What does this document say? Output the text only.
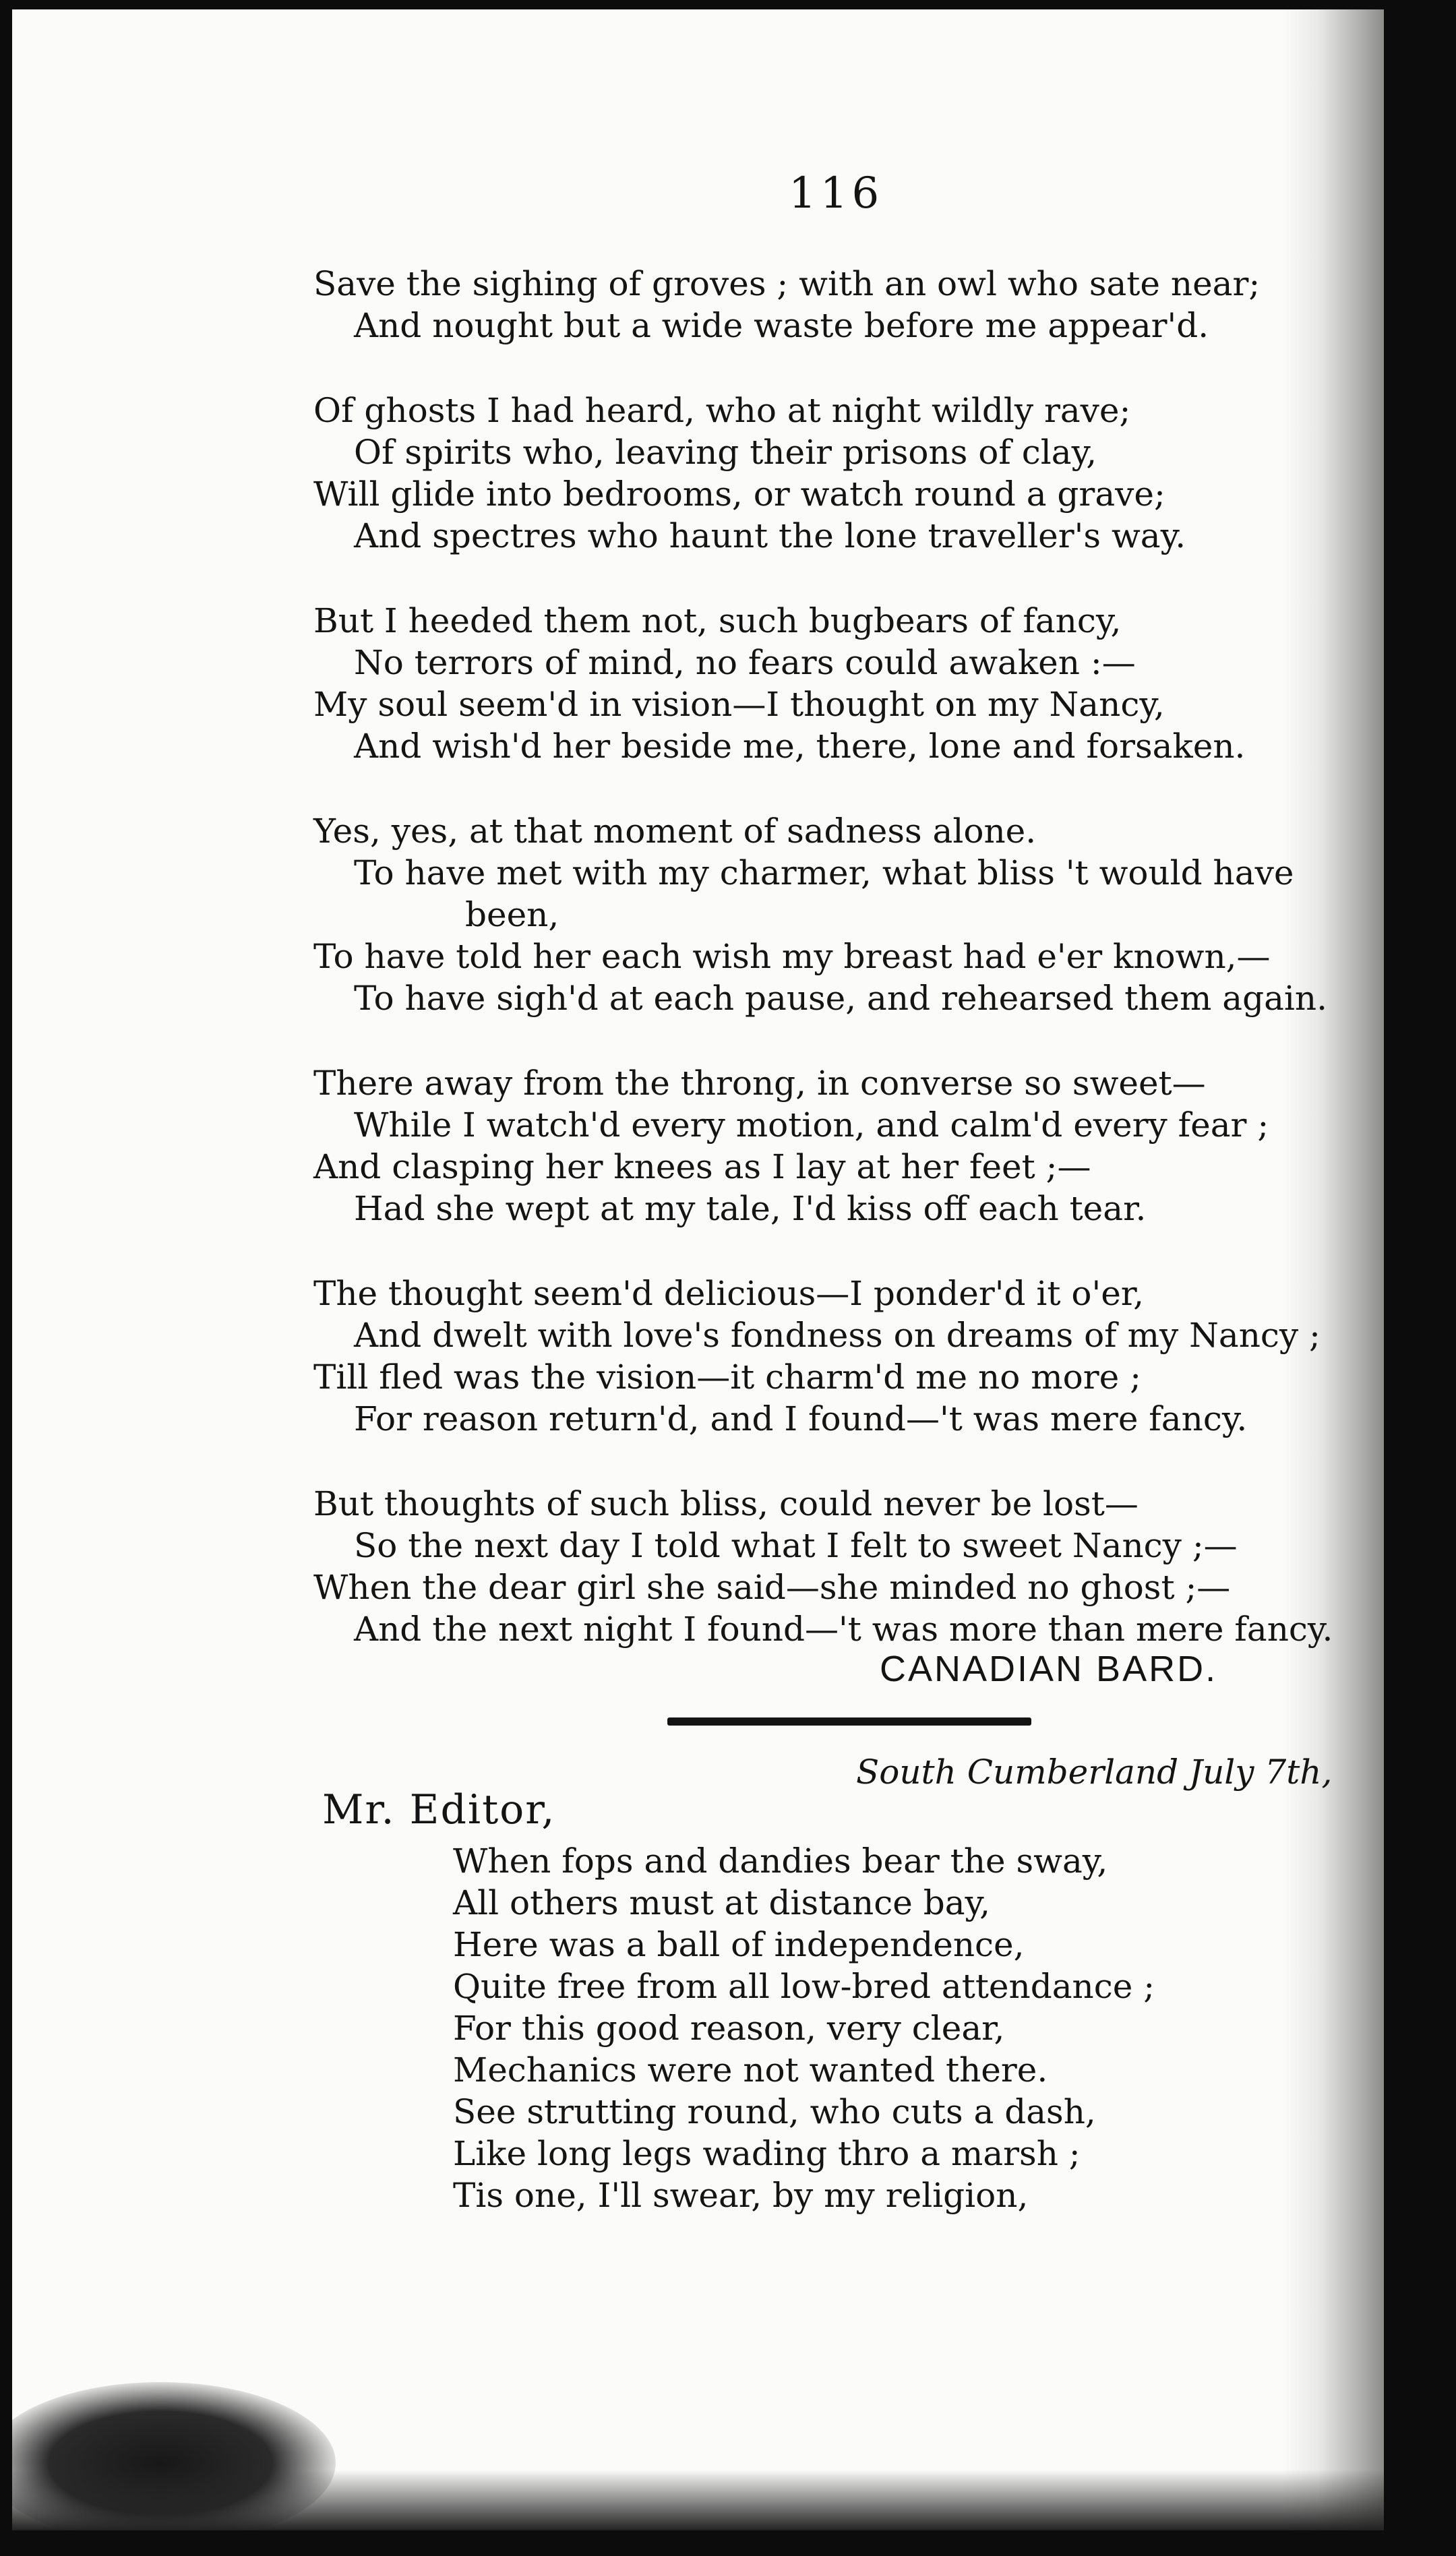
116
Save the sighing of groves ; with an owl who sate near;
And nought but a wide waste before me appear'd.
Of ghosts I had heard, who at night wildly rave;
Of spirits who, leaving their prisons of clay,
Will glide into bedrooms, or watch round a grave;
And spectres who haunt the lone traveller's way.
But I heeded them not, such bugbears of fancy,
No terrors of mind, no fears could awaken :—
My soul seem'd in vision—I thought on my Nancy,
And wish'd her beside me, there, lone and forsaken.
Yes, yes, at that moment of sadness alone.
To have met with my charmer, what bliss 't would have
been,
To have told her each wish my breast had e'er known,—
To have sigh'd at each pause, and rehearsed them again.
There away from the throng, in converse so sweet—
While I watch'd every motion, and calm'd every fear ;
And clasping her knees as I lay at her feet ;—
Had she wept at my tale, I'd kiss off each tear.
The thought seem'd delicious—I ponder'd it o'er,
And dwelt with love's fondness on dreams of my Nancy ;
Till fled was the vision—it charm'd me no more ;
For reason return'd, and I found—'t was mere fancy.
But thoughts of such bliss, could never be lost—
So the next day I told what I felt to sweet Nancy ;—
When the dear girl she said—she minded no ghost ;—
And the next night I found—'t was more than mere fancy.
CANADIAN BARD.
South Cumberland July 7th,
Mr. Editor,
When fops and dandies bear the sway,
All others must at distance bay,
Here was a ball of independence,
Quite free from all low-bred attendance ;
For this good reason, very clear,
Mechanics were not wanted there.
See strutting round, who cuts a dash,
Like long legs wading thro a marsh ;
Tis one, I'll swear, by my religion,
